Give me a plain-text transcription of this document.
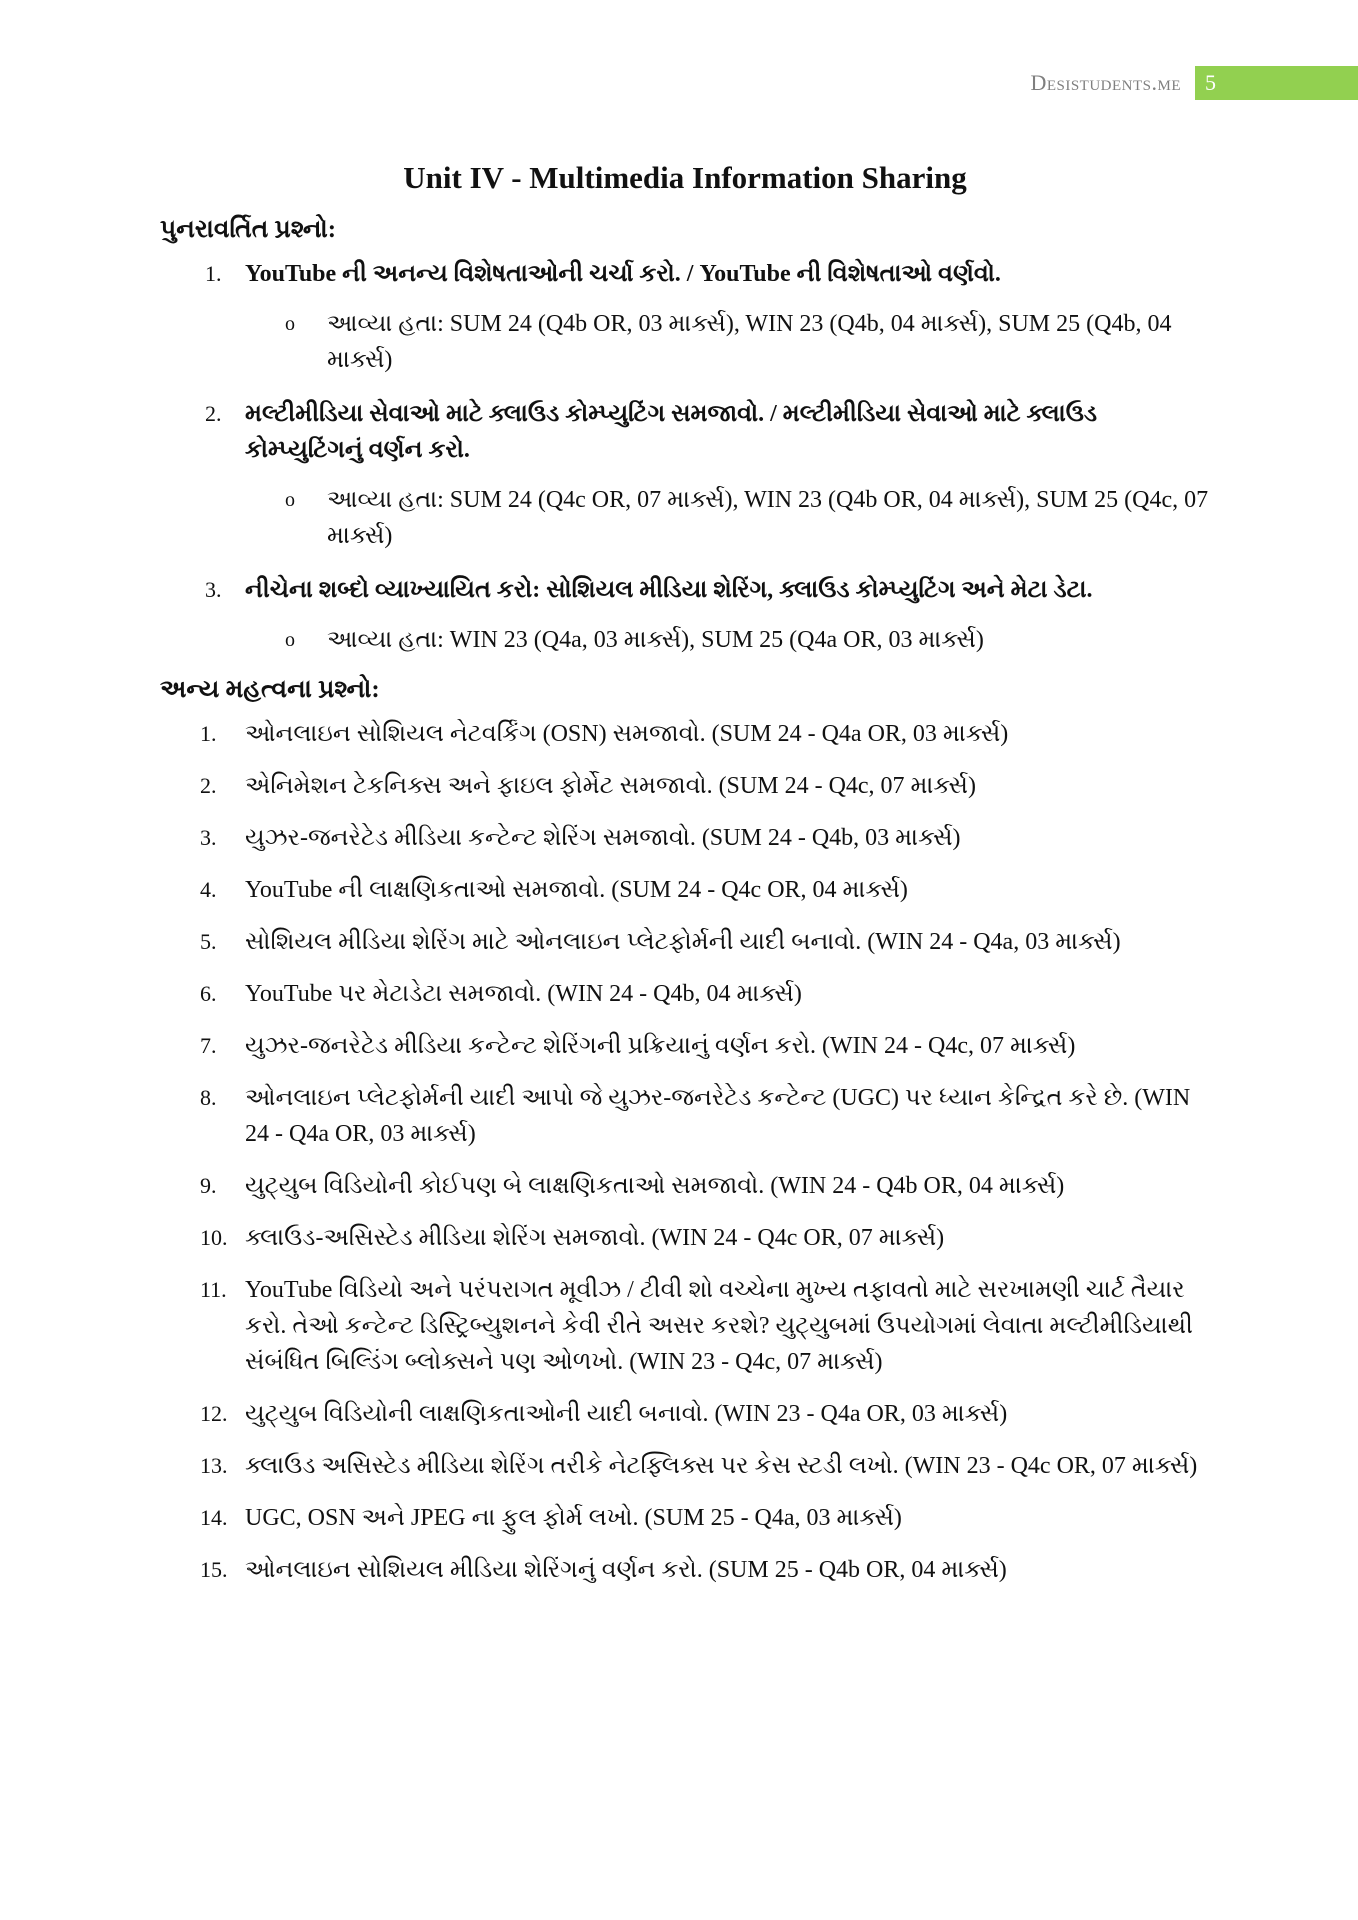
Desistudents.me	5
Unit IV - Multimedia Information Sharing
પુનરાવર્તિત પ્રશ્નો:
1. YouTube ની અનન્ય વિશેષતાઓની ચર્ચા કરો. / YouTube ની વિશેષતાઓ વર્ણવો.
o આવ્યા હતા: SUM 24 (Q4b OR, 03 માર્ક્સ), WIN 23 (Q4b, 04 માર્ક્સ), SUM 25 (Q4b, 04 માર્ક્સ)
2. મલ્ટીમીડિયા સેવાઓ માટે ક્લાઉડ કોમ્પ્યુટિંગ સમજાવો. / મલ્ટીમીડિયા સેવાઓ માટે ક્લાઉડ કોમ્પ્યુટિંગનું વર્ણન કરો.
o આવ્યા હતા: SUM 24 (Q4c OR, 07 માર્ક્સ), WIN 23 (Q4b OR, 04 માર્ક્સ), SUM 25 (Q4c, 07 માર્ક્સ)
3. નીચેના શબ્દો વ્યાખ્યાયિત કરો: સોશિયલ મીડિયા શેરિંગ, ક્લાઉડ કોમ્પ્યુટિંગ અને મેટા ડેટા.
o આવ્યા હતા: WIN 23 (Q4a, 03 માર્ક્સ), SUM 25 (Q4a OR, 03 માર્ક્સ)
અન્ય મહત્વના પ્રશ્નો:
1. ઓનલાઇન સોશિયલ નેટવર્કિંગ (OSN) સમજાવો. (SUM 24 - Q4a OR, 03 માર્ક્સ)
2. એનિમેશન ટેકનિક્સ અને ફાઇલ ફોર્મેટ સમજાવો. (SUM 24 - Q4c, 07 માર્ક્સ)
3. યુઝર-જનરેટેડ મીડિયા કન્ટેન્ટ શેરિંગ સમજાવો. (SUM 24 - Q4b, 03 માર્ક્સ)
4. YouTube ની લાક્ષણિકતાઓ સમજાવો. (SUM 24 - Q4c OR, 04 માર્ક્સ)
5. સોશિયલ મીડિયા શેરિંગ માટે ઓનલાઇન પ્લેટફોર્મની યાદી બનાવો. (WIN 24 - Q4a, 03 માર્ક્સ)
6. YouTube પર મેટાડેટા સમજાવો. (WIN 24 - Q4b, 04 માર્ક્સ)
7. યુઝર-જનરેટેડ મીડિયા કન્ટેન્ટ શેરિંગની પ્રક્રિયાનું વર્ણન કરો. (WIN 24 - Q4c, 07 માર્ક્સ)
8. ઓનલાઇન પ્લેટફોર્મની યાદી આપો જે યુઝર-જનરેટેડ કન્ટેન્ટ (UGC) પર ધ્યાન કેન્દ્રિત કરે છે. (WIN 24 - Q4a OR, 03 માર્ક્સ)
9. યુટ્યુબ વિડિયોની કોઈપણ બે લાક્ષણિકતાઓ સમજાવો. (WIN 24 - Q4b OR, 04 માર્ક્સ)
10. ક્લાઉડ-અસિસ્ટેડ મીડિયા શેરિંગ સમજાવો. (WIN 24 - Q4c OR, 07 માર્ક્સ)
11. YouTube વિડિયો અને પરંપરાગત મૂવીઝ / ટીવી શો વચ્ચેના મુખ્ય તફાવતો માટે સરખામણી ચાર્ટ તૈયાર કરો. તેઓ કન્ટેન્ટ ડિસ્ટ્રિબ્યુશનને કેવી રીતે અસર કરશે? યુટ્યુબમાં ઉપયોગમાં લેવાતા મલ્ટીમીડિયાથી સંબંધિત બિલ્ડિંગ બ્લોક્સને પણ ઓળખો. (WIN 23 - Q4c, 07 માર્ક્સ)
12. યુટ્યુબ વિડિયોની લાક્ષણિકતાઓની યાદી બનાવો. (WIN 23 - Q4a OR, 03 માર્ક્સ)
13. ક્લાઉડ અસિસ્ટેડ મીડિયા શેરિંગ તરીકે નેટફ્લિક્સ પર કેસ સ્ટડી લખો. (WIN 23 - Q4c OR, 07 માર્ક્સ)
14. UGC, OSN અને JPEG ના ફુલ ફોર્મ લખો. (SUM 25 - Q4a, 03 માર્ક્સ)
15. ઓનલાઇન સોશિયલ મીડિયા શેરિંગનું વર્ણન કરો. (SUM 25 - Q4b OR, 04 માર્ક્સ)
